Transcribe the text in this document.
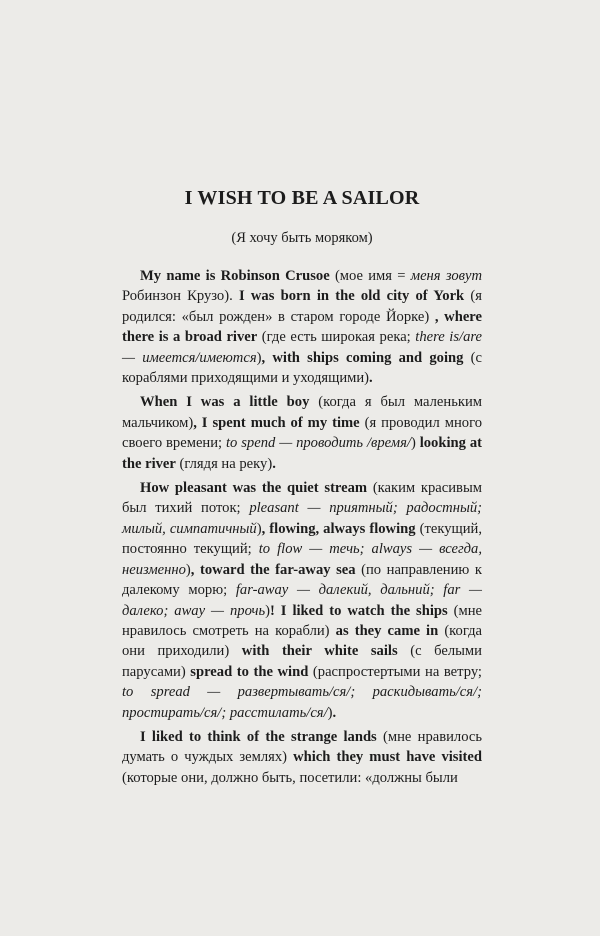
I WISH TO BE A SAILOR

(Я хочу быть моряком)

My name is Robinson Crusoe (мое имя = меня зовут Робинзон Крузо). I was born in the old city of York (я родился: «был рожден» в старом городе Йорке) , where there is a broad river (где есть широкая река; there is/are — имеется/имеются), with ships coming and going (с кораблями приходящими и уходящими).

When I was a little boy (когда я был маленьким мальчиком), I spent much of my time (я проводил много своего времени; to spend — проводить /время/) looking at the river (глядя на реку).

How pleasant was the quiet stream (каким красивым был тихий поток; pleasant — приятный; радостный; милый, симпатичный), flowing, always flowing (текущий, постоянно текущий; to flow — течь; always — всегда, неизменно), toward the far-away sea (по направлению к далекому морю; far-away — далекий, дальний; far — далеко; away — прочь)! I liked to watch the ships (мне нравилось смотреть на корабли) as they came in (когда они приходили) with their white sails (с белыми парусами) spread to the wind (распростертыми на ветру; to spread — развертывать/ся/; раскидывать/ся/; простирать/ся/; расстилать/ся/).

I liked to think of the strange lands (мне нравилось думать о чуждых землях) which they must have visited (которые они, должно быть, посетили: «должны были
